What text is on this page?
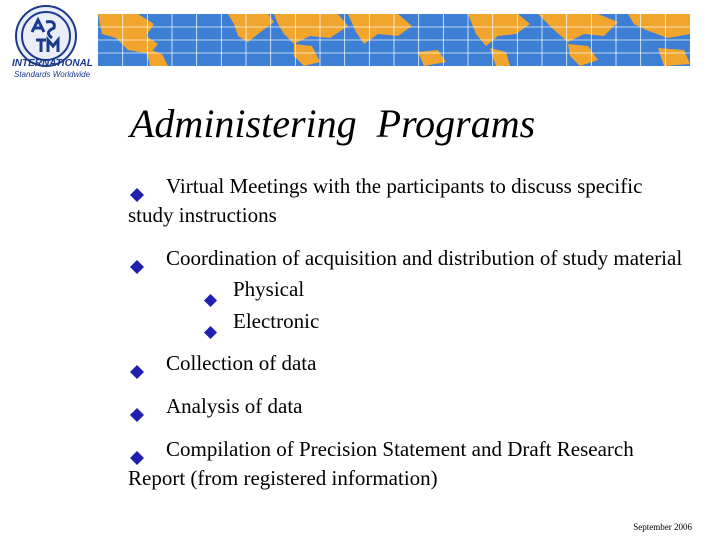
INTERNATIONAL
Standards Worldwide
Administering  Programs
Virtual Meetings with the participants to discuss specific study instructions
Coordination of acquisition and distribution of study material
Physical
Electronic
Collection of data
Analysis of data
Compilation of Precision Statement and Draft Research Report (from registered information)
September 2006
